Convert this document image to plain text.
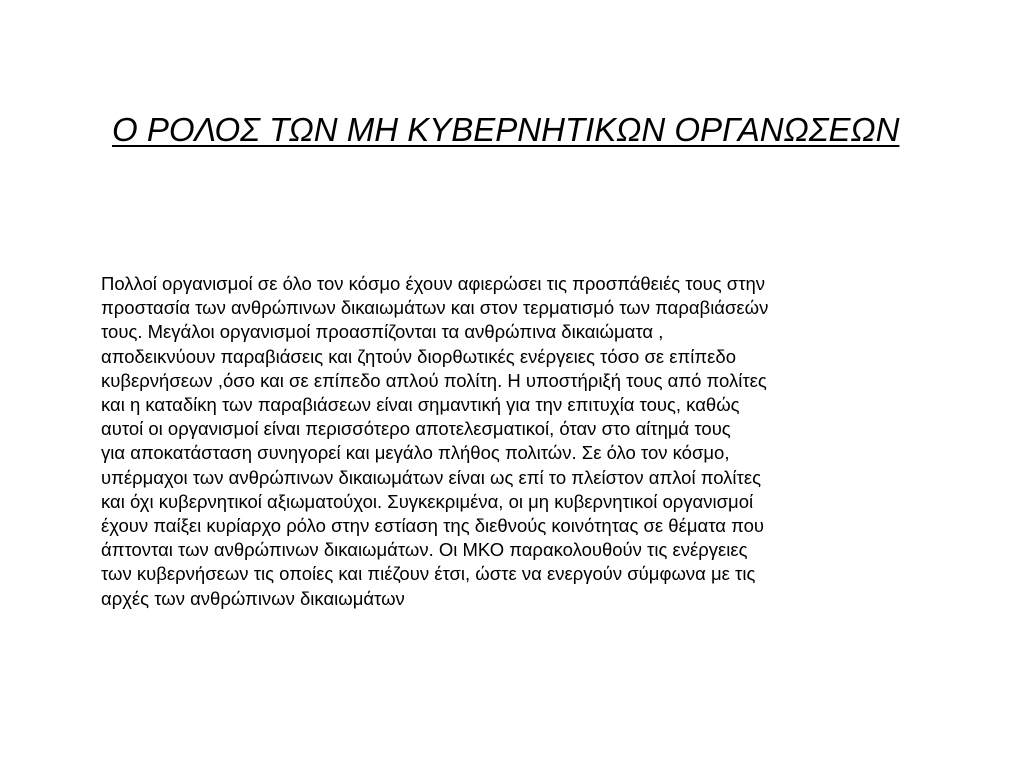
Ο ΡΟΛΟΣ ΤΩΝ ΜΗ ΚΥΒΕΡΝΗΤΙΚΩΝ ΟΡΓΑΝΩΣΕΩΝ
Πολλοί οργανισμοί σε όλο τον κόσμο έχουν αφιερώσει τις προσπάθειές τους στην
προστασία των ανθρώπινων δικαιωμάτων και στον τερματισμό των παραβιάσεών
τους. Μεγάλοι οργανισμοί προασπίζονται τα ανθρώπινα δικαιώματα ,
αποδεικνύουν παραβιάσεις και ζητούν διορθωτικές ενέργειες τόσο σε επίπεδο
κυβερνήσεων ,όσο και σε επίπεδο απλού πολίτη. Η υποστήριξή τους από πολίτες
και η καταδίκη των παραβιάσεων είναι σημαντική για την επιτυχία τους, καθώς
αυτοί οι οργανισμοί είναι περισσότερο αποτελεσματικοί, όταν στο αίτημά τους
για αποκατάσταση συνηγορεί και μεγάλο πλήθος πολιτών. Σε όλο τον κόσμο,
υπέρμαχοι των ανθρώπινων δικαιωμάτων είναι ως επί το πλείστον απλοί πολίτες
και όχι κυβερνητικοί αξιωματούχοι. Συγκεκριμένα, οι μη κυβερνητικοί οργανισμοί
έχουν παίξει κυρίαρχο ρόλο στην εστίαση της διεθνούς κοινότητας σε θέματα που
άπτονται των ανθρώπινων δικαιωμάτων. Οι ΜΚΟ παρακολουθούν τις ενέργειες
των κυβερνήσεων τις οποίες και πιέζουν έτσι, ώστε να ενεργούν σύμφωνα με τις
αρχές των ανθρώπινων δικαιωμάτων
